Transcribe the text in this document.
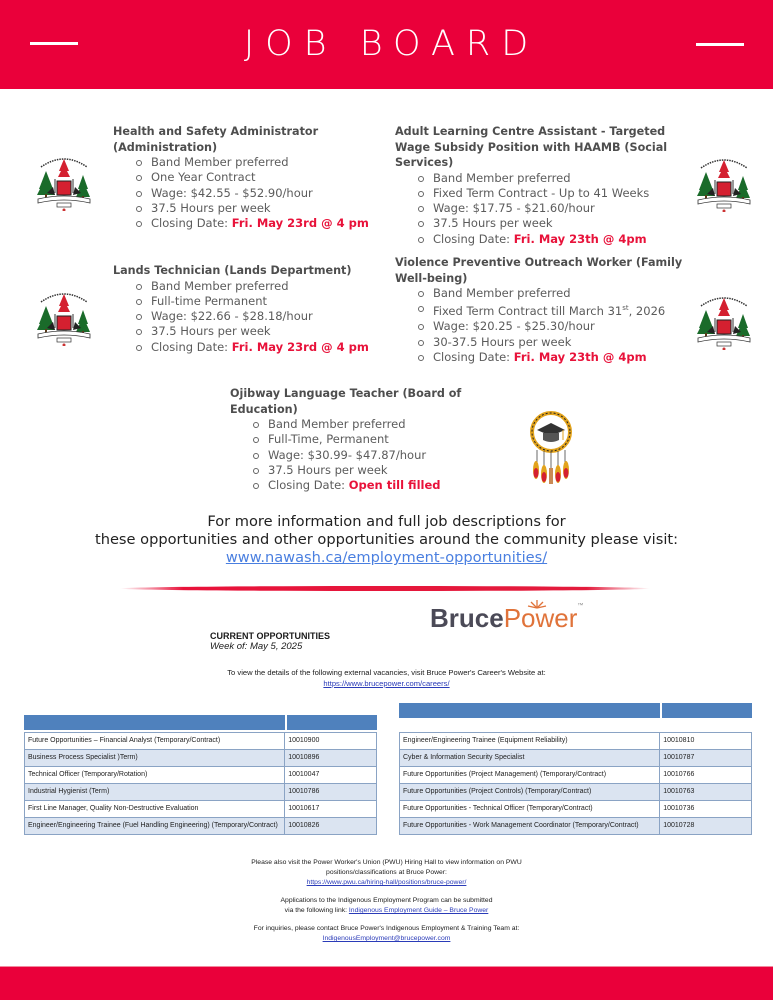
JOB BOARD
Health and Safety Administrator (Administration)
Band Member preferred
One Year Contract
Wage: $42.55 - $52.90/hour
37.5 Hours per week
Closing Date: Fri. May 23rd @ 4 pm
Adult Learning Centre Assistant - Targeted Wage Subsidy Position with HAAMB (Social Services)
Band Member preferred
Fixed Term Contract - Up to 41 Weeks
Wage: $17.75 - $21.60/hour
37.5 Hours per week
Closing Date: Fri. May 23th @ 4pm
Lands Technician (Lands Department)
Band Member preferred
Full-time Permanent
Wage: $22.66 - $28.18/hour
37.5 Hours per week
Closing Date: Fri. May 23rd @ 4 pm
Violence Preventive Outreach Worker (Family Well-being)
Band Member preferred
Fixed Term Contract till March 31st, 2026
Wage: $20.25 - $25.30/hour
30-37.5 Hours per week
Closing Date: Fri. May 23th @ 4pm
Ojibway Language Teacher (Board of Education)
Band Member preferred
Full-Time, Permanent
Wage: $30.99- $47.87/hour
37.5 Hours per week
Closing Date: Open till filled
For more information and full job descriptions for
these opportunities and other opportunities around the community please visit:
www.nawash.ca/employment-opportunities/
BrucePower™
CURRENT OPPORTUNITIES
Week of: May 5, 2025
To view the details of the following external vacancies, visit Bruce Power's Career's Website at:
https://www.brucepower.com/careers/
Future Opportunities – Financial Analyst (Temporary/Contract)	10010900
Business Process Specialist )Term)	10010896
Technical Officer (Temporary/Rotation)	10010047
Industrial Hygienist (Term)	10010786
First Line Manager, Quality Non-Destructive Evaluation	10010617
Engineer/Engineering Trainee (Fuel Handling Engineering) (Temporary/Contract)	10010826
Engineer/Engineering Trainee (Equipment Reliability)	10010810
Cyber & Information Security Specialist	10010787
Future Opportunities (Project Management) (Temporary/Contract)	10010766
Future Opportunities (Project Controls) (Temporary/Contract)	10010763
Future Opportunities - Technical Officer (Temporary/Contract)	10010736
Future Opportunities - Work Management Coordinator (Temporary/Contract)	10010728

Please also visit the Power Worker's Union (PWU) Hiring Hall to view information on PWU
positions/classifications at Bruce Power:
https://www.pwu.ca/hiring-hall/positions/bruce-power/

Applications to the Indigenous Employment Program can be submitted
via the following link: Indigenous Employment Guide – Bruce Power

For inquiries, please contact Bruce Power's Indigenous Employment & Training Team at:
IndigenousEmployment@brucepower.com
